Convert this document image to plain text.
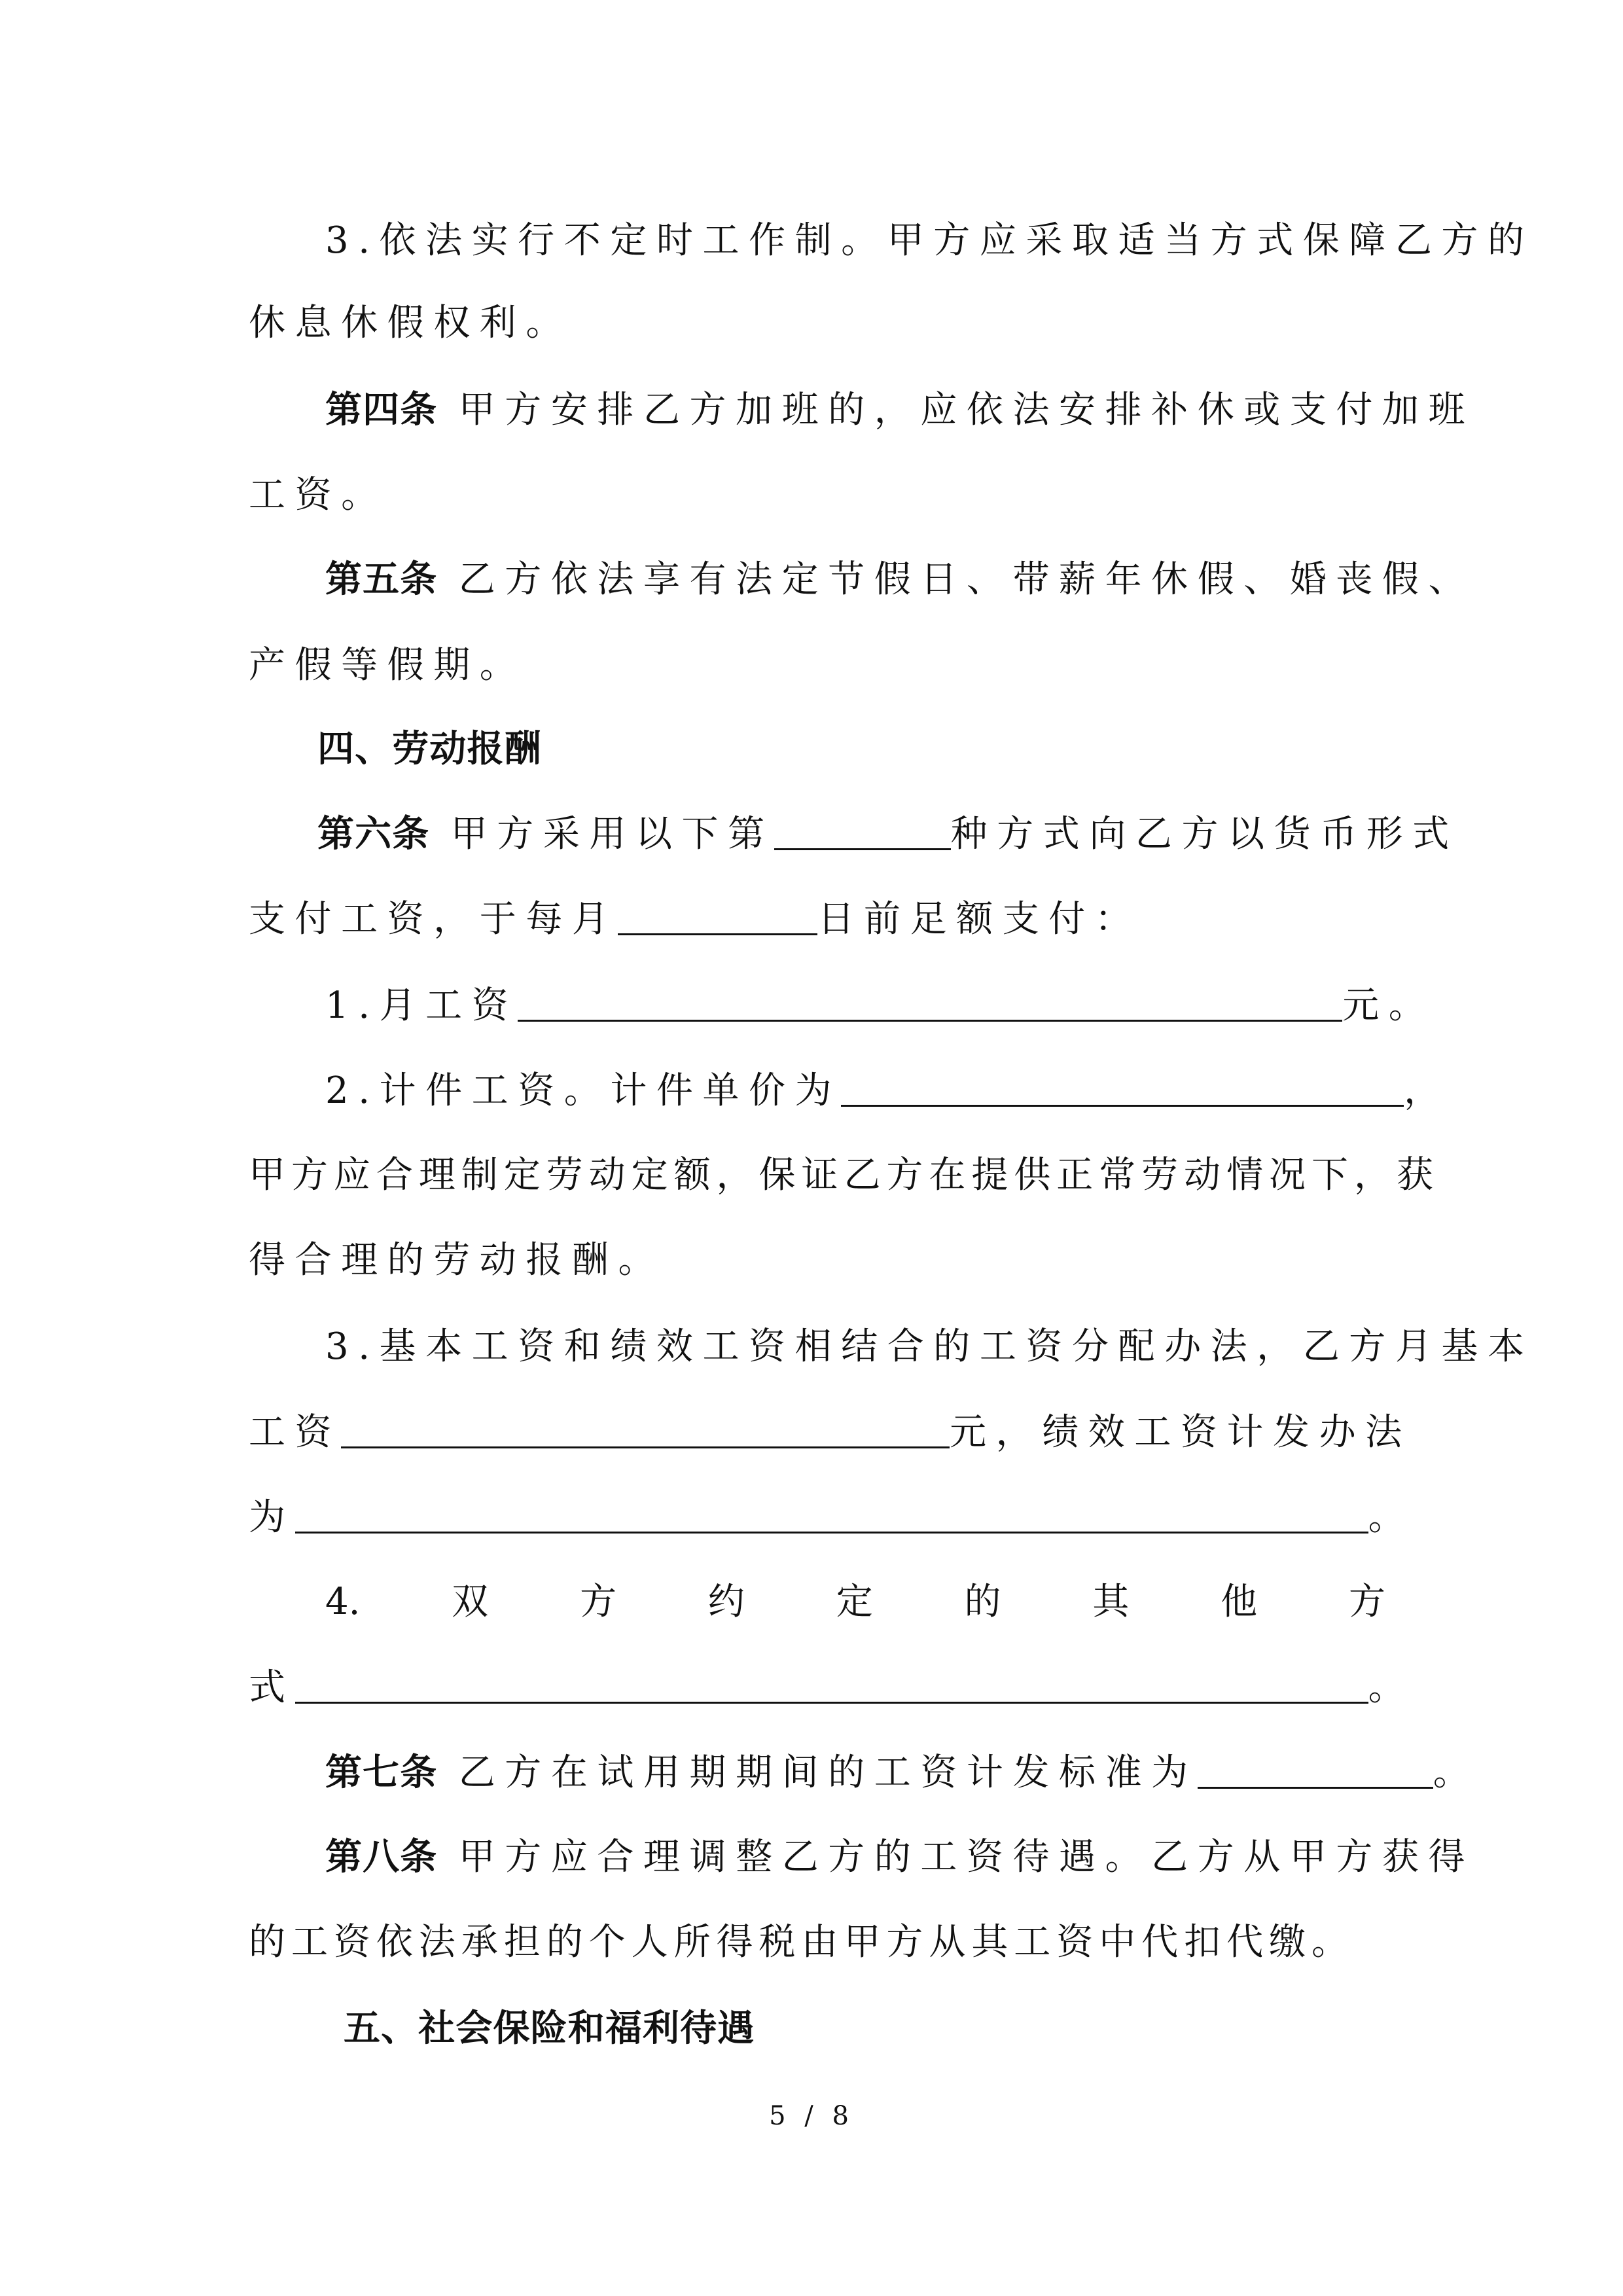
3.依法实行不定时工作制。甲方应采取适当方式保障乙方的
休息休假权利。
第四条 甲方安排乙方加班的，应依法安排补休或支付加班
工资。
第五条 乙方依法享有法定节假日、带薪年休假、婚丧假、
产假等假期。
四、劳动报酬
第六条 甲方采用以下第	种方式向乙方以货币形式
支付工资，于每月	日前足额支付：
1.月工资	元。
2.计件工资。计件单价为	，
甲方应合理制定劳动定额，保证乙方在提供正常劳动情况下，获
得合理的劳动报酬。
3.基本工资和绩效工资相结合的工资分配办法，乙方月基本
工资	元，绩效工资计发办法
为	。
4. 双 方 约 定 的 其 他 方
式	。
第七条 乙方在试用期期间的工资计发标准为	。
第八条 甲方应合理调整乙方的工资待遇。乙方从甲方获得
的工资依法承担的个人所得税由甲方从其工资中代扣代缴。
五、社会保险和福利待遇
5 / 8
